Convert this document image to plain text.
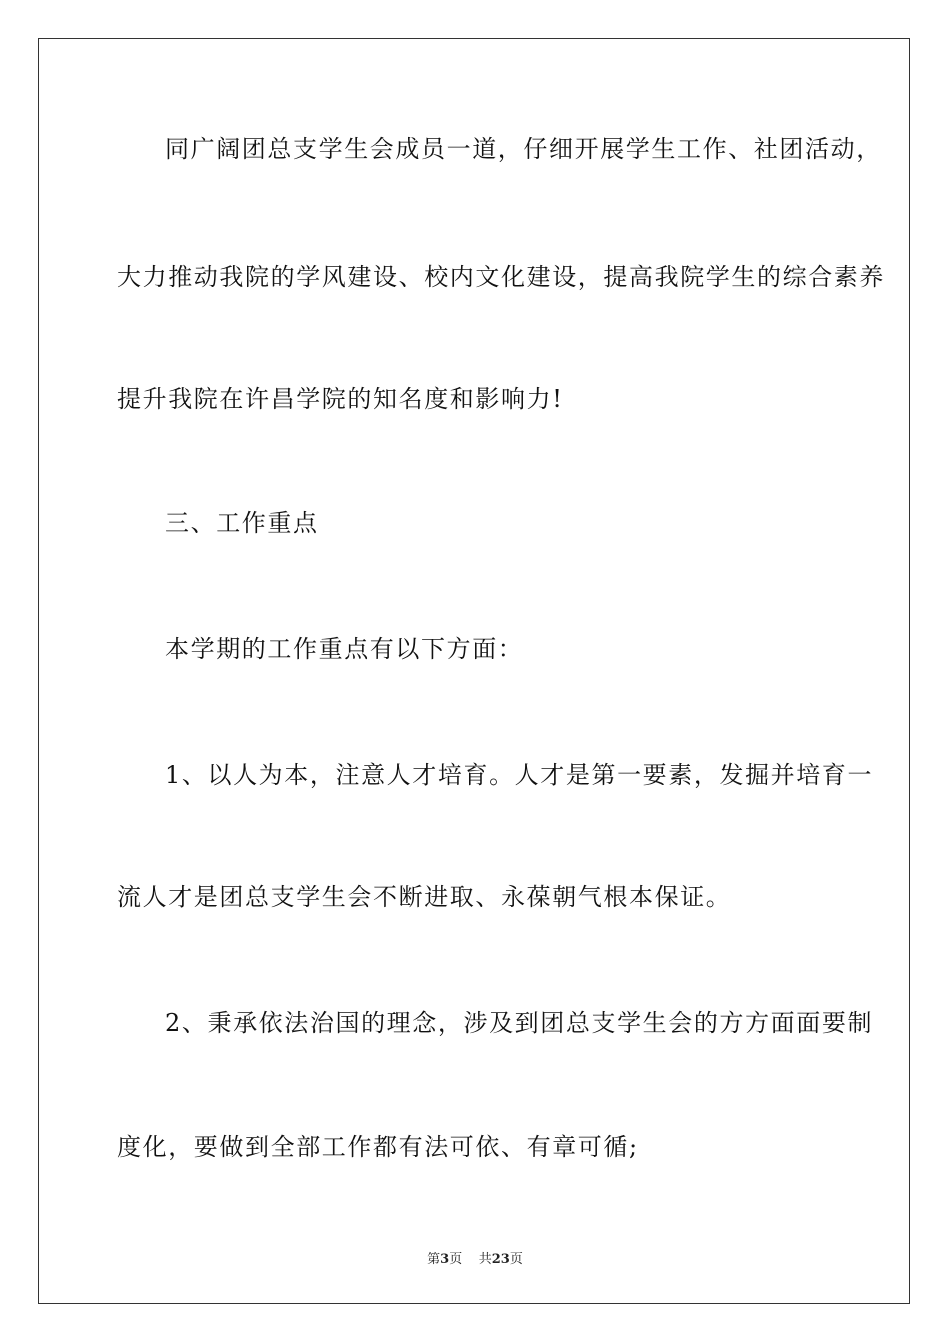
同广阔团总支学生会成员一道，仔细开展学生工作、社团活动，
大力推动我院的学风建设、校内文化建设，提高我院学生的综合素养
提升我院在许昌学院的知名度和影响力!
三、工作重点
本学期的工作重点有以下方面：
1、以人为本，注意人才培育。人才是第一要素，发掘并培育一
流人才是团总支学生会不断进取、永葆朝气根本保证。
2、秉承依法治国的理念，涉及到团总支学生会的方方面面要制
度化，要做到全部工作都有法可依、有章可循;
第3页 共23页
